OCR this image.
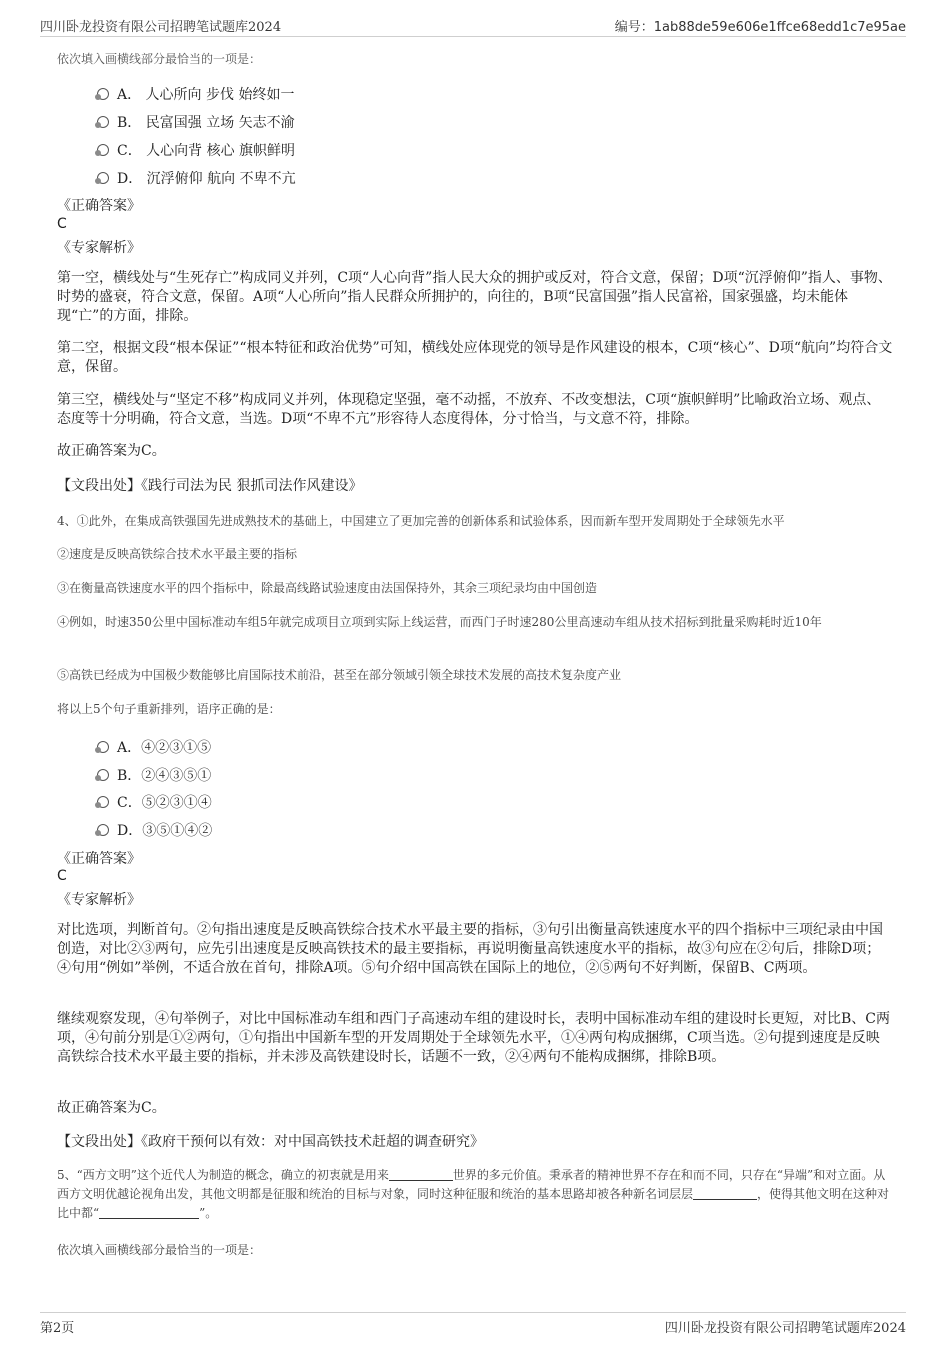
四川卧龙投资有限公司招聘笔试题库2024	编号：1ab88de59e606e1ffce68edd1c7e95ae
依次填入画横线部分最恰当的一项是：
A． 人心所向 步伐 始终如一
B． 民富国强 立场 矢志不渝
C． 人心向背 核心 旗帜鲜明
D． 沉浮俯仰 航向 不卑不亢
《正确答案》
C
《专家解析》
第一空，横线处与“生死存亡”构成同义并列，C项“人心向背”指人民大众的拥护或反对，符合文意，保留；D项“沉浮俯仰”指人、事物、时势的盛衰，符合文意，保留。A项“人心所向”指人民群众所拥护的，向往的，B项“民富国强”指人民富裕，国家强盛，均未能体现“亡”的方面，排除。
第二空，根据文段“根本保证”“根本特征和政治优势”可知，横线处应体现党的领导是作风建设的根本，C项“核心”、D项“航向”均符合文意，保留。
第三空，横线处与“坚定不移”构成同义并列，体现稳定坚强，毫不动摇，不放弃、不改变想法，C项“旗帜鲜明”比喻政治立场、观点、态度等十分明确，符合文意，当选。D项“不卑不亢”形容待人态度得体，分寸恰当，与文意不符，排除。
故正确答案为C。
【文段出处】《践行司法为民 狠抓司法作风建设》
4、①此外，在集成高铁强国先进成熟技术的基础上，中国建立了更加完善的创新体系和试验体系，因而新车型开发周期处于全球领先水平
②速度是反映高铁综合技术水平最主要的指标
③在衡量高铁速度水平的四个指标中，除最高线路试验速度由法国保持外，其余三项纪录均由中国创造
④例如，时速350公里中国标准动车组5年就完成项目立项到实际上线运营，而西门子时速280公里高速动车组从技术招标到批量采购耗时近10年
⑤高铁已经成为中国极少数能够比肩国际技术前沿，甚至在部分领域引领全球技术发展的高技术复杂度产业
将以上5个句子重新排列，语序正确的是：
A．④②③①⑤
B．②④③⑤①
C．⑤②③①④
D．③⑤①④②
《正确答案》
C
《专家解析》
对比选项，判断首句。②句指出速度是反映高铁综合技术水平最主要的指标，③句引出衡量高铁速度水平的四个指标中三项纪录由中国创造，对比②③两句，应先引出速度是反映高铁技术的最主要指标，再说明衡量高铁速度水平的指标，故③句应在②句后，排除D项；④句用“例如”举例，不适合放在首句，排除A项。⑤句介绍中国高铁在国际上的地位，②⑤两句不好判断，保留B、C两项。
继续观察发现，④句举例子，对比中国标准动车组和西门子高速动车组的建设时长，表明中国标准动车组的建设时长更短，对比B、C两项，④句前分别是①②两句，①句指出中国新车型的开发周期处于全球领先水平，①④两句构成捆绑，C项当选。②句提到速度是反映高铁综合技术水平最主要的指标，并未涉及高铁建设时长，话题不一致，②④两句不能构成捆绑，排除B项。
故正确答案为C。
【文段出处】《政府干预何以有效：对中国高铁技术赶超的调查研究》
5、“西方文明”这个近代人为制造的概念，确立的初衷就是用来	世界的多元价值。秉承者的精神世界不存在和而不同，只存在“异端”和对立面。从西方文明优越论视角出发，其他文明都是征服和统治的目标与对象，同时这种征服和统治的基本思路却被各种新名词层层	，使得其他文明在这种对比中都“	”。
依次填入画横线部分最恰当的一项是：
第2页	四川卧龙投资有限公司招聘笔试题库2024
